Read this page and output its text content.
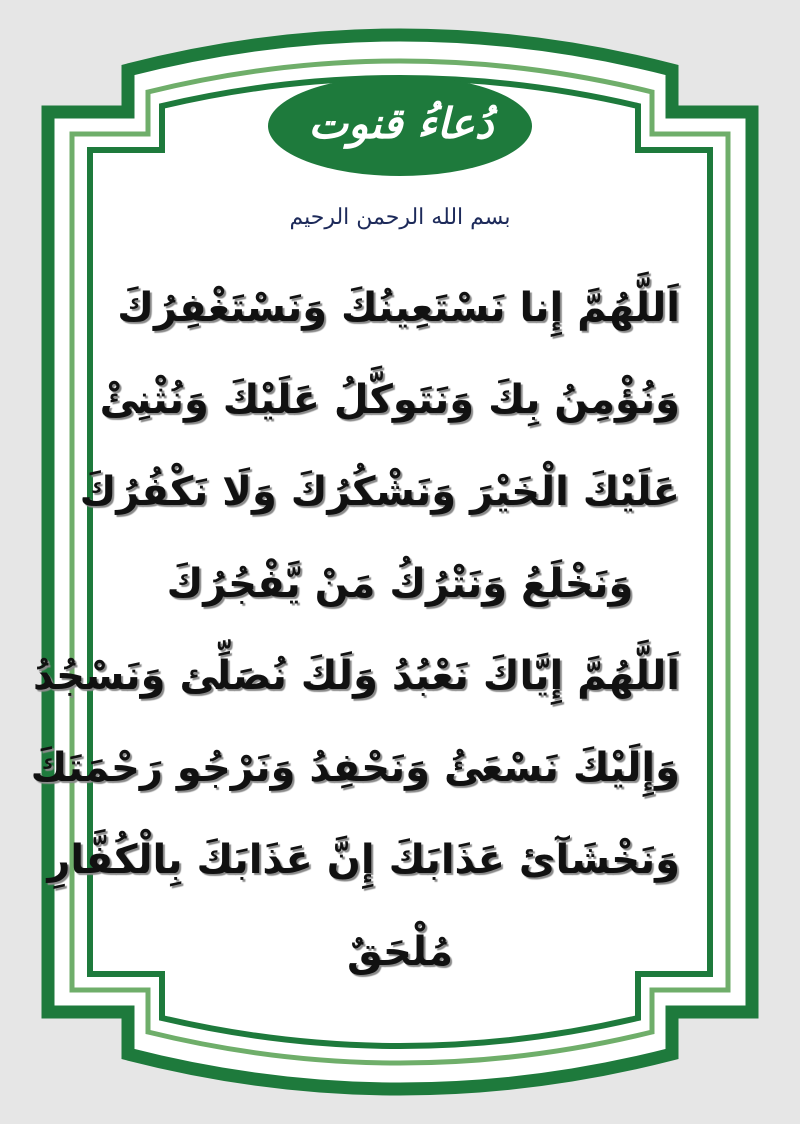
دُعاءُ قنوت
بسم الله الرحمن الرحيم
اَللَّهُمَّ إِنا نَسْتَعِينُكَ وَنَسْتَغْفِرُكَ
وَنُؤْمِنُ بِكَ وَنَتَوكَّلُ عَلَيْكَ وَنُثْنِئْ
عَلَيْكَ الْخَيْرَ وَنَشْكُرُكَ وَلَا نَكْفُرُكَ
وَنَخْلَعُ وَنَتْرُكُ مَنْ يَّفْجُرُكَ
اَللَّهُمَّ إِيَّاكَ نَعْبُدُ وَلَكَ نُصَلِّئ وَنَسْجُدُ
وَإِلَيْكَ نَسْعَئُ وَنَحْفِدُ وَنَرْجُو رَحْمَتَكَ
وَنَخْشَآئ عَذَابَكَ إِنَّ عَذَابَكَ بِالْكُفَّارِ
مُلْحَقٌ
